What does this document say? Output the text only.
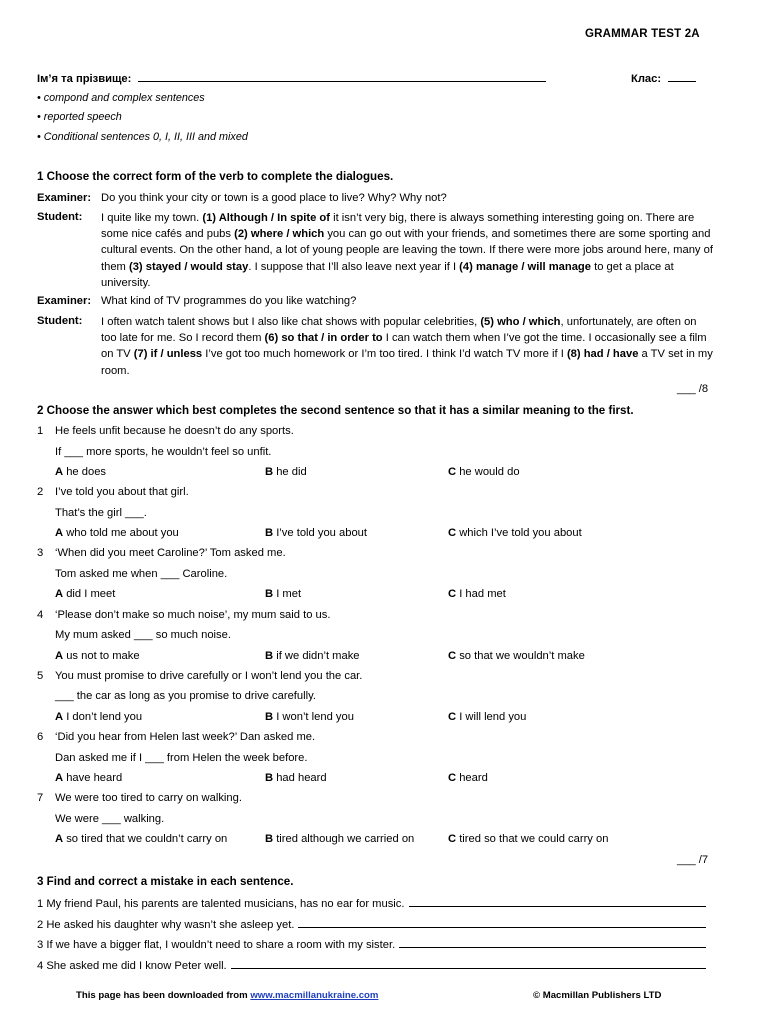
GRAMMAR TEST 2A
Ім’я та прізвище:	Клас:
• compond and complex sentences
• reported speech
• Conditional sentences 0, I, II, III and mixed
1 Choose the correct form of the verb to complete the dialogues.
Examiner: Do you think your city or town is a good place to live? Why? Why not?
Student: I quite like my town. (1) Although / In spite of it isn’t very big, there is always something interesting going on. There are some nice cafés and pubs (2) where / which you can go out with your friends, and sometimes there are some sporting and cultural events. On the other hand, a lot of young people are leaving the town. If there were more jobs around here, many of them (3) stayed / would stay. I suppose that I’ll also leave next year if I (4) manage / will manage to get a place at university.
Examiner: What kind of TV programmes do you like watching?
Student: I often watch talent shows but I also like chat shows with popular celebrities, (5) who / which, unfortunately, are often on too late for me. So I record them (6) so that / in order to I can watch them when I’ve got the time. I occasionally see a film on TV (7) if / unless I’ve got too much homework or I’m too tired. I think I’d watch TV more if I (8) had / have a TV set in my room.
___ /8
2 Choose the answer which best completes the second sentence so that it has a similar meaning to the first.
1 He feels unfit because he doesn’t do any sports.
If ___ more sports, he wouldn’t feel so unfit.
A he does	B he did	C he would do
2 I’ve told you about that girl.
That’s the girl ___.
A who told me about you	B I’ve told you about	C which I’ve told you about
3 ‘When did you meet Caroline?’ Tom asked me.
Tom asked me when ___ Caroline.
A did I meet	B I met	C I had met
4 ‘Please don’t make so much noise’, my mum said to us.
My mum asked ___ so much noise.
A us not to make	B if we didn’t make	C so that we wouldn’t make
5 You must promise to drive carefully or I won’t lend you the car.
___ the car as long as you promise to drive carefully.
A I don’t lend you	B I won’t lend you	C I will lend you
6 ‘Did you hear from Helen last week?’ Dan asked me.
Dan asked me if I ___ from Helen the week before.
A have heard	B had heard	C heard
7 We were too tired to carry on walking.
We were ___ walking.
A so tired that we couldn’t carry on	B tired although we carried on	C tired so that we could carry on
___ /7
3 Find and correct a mistake in each sentence.
1 My friend Paul, his parents are talented musicians, has no ear for music.
2 He asked his daughter why wasn’t she asleep yet.
3 If we have a bigger flat, I wouldn’t need to share a room with my sister.
4 She asked me did I know Peter well.
This page has been downloaded from www.macmillanukraine.com	© Macmillan Publishers LTD
